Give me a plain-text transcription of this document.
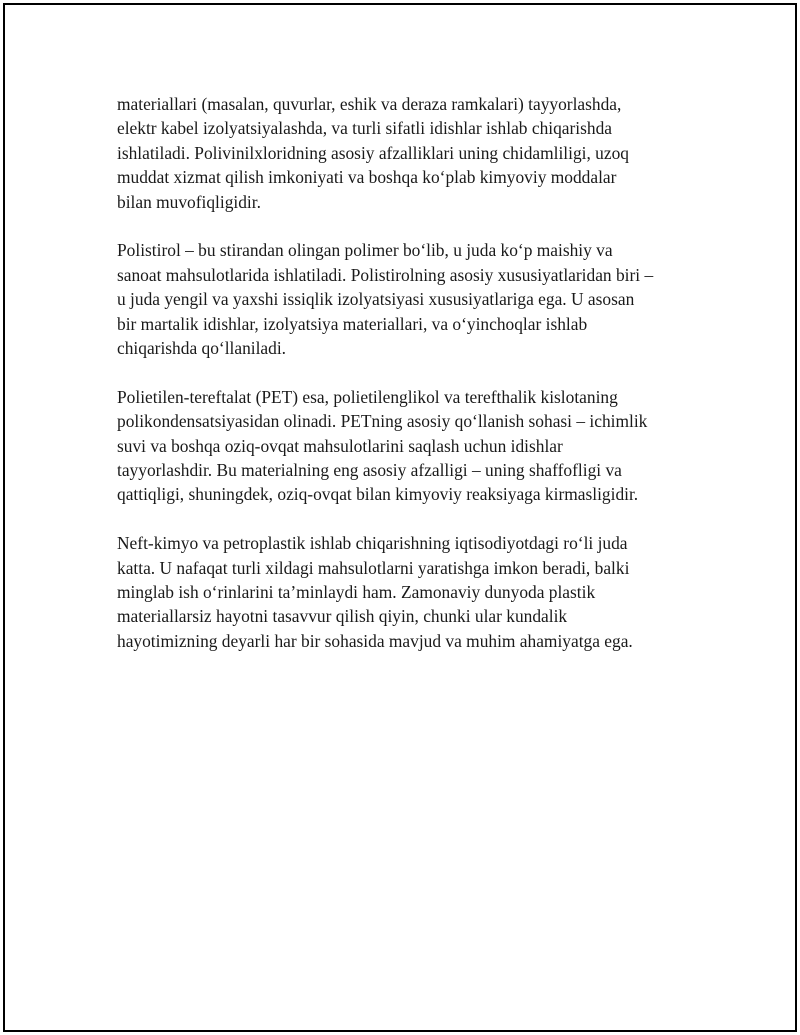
materiallari (masalan, quvurlar, eshik va deraza ramkalari) tayyorlashda,
elektr kabel izolyatsiyalashda, va turli sifatli idishlar ishlab chiqarishda
ishlatiladi. Polivinilxloridning asosiy afzalliklari uning chidamliligi, uzoq
muddat xizmat qilish imkoniyati va boshqa ko‘plab kimyoviy moddalar
bilan muvofiqligidir.

Polistirol – bu stirandan olingan polimer bo‘lib, u juda ko‘p maishiy va
sanoat mahsulotlarida ishlatiladi. Polistirolning asosiy xususiyatlaridan biri –
u juda yengil va yaxshi issiqlik izolyatsiyasi xususiyatlariga ega. U asosan
bir martalik idishlar, izolyatsiya materiallari, va o‘yinchoqlar ishlab
chiqarishda qo‘llaniladi.

Polietilen-tereftalat (PET) esa, polietilenglikol va terefthalik kislotaning
polikondensatsiyasidan olinadi. PETning asosiy qo‘llanish sohasi – ichimlik
suvi va boshqa oziq-ovqat mahsulotlarini saqlash uchun idishlar
tayyorlashdir. Bu materialning eng asosiy afzalligi – uning shaffofligi va
qattiqligi, shuningdek, oziq-ovqat bilan kimyoviy reaksiyaga kirmasligidir.

Neft-kimyo va petroplastik ishlab chiqarishning iqtisodiyotdagi ro‘li juda
katta. U nafaqat turli xildagi mahsulotlarni yaratishga imkon beradi, balki
minglab ish o‘rinlarini ta’minlaydi ham. Zamonaviy dunyoda plastik
materiallarsiz hayotni tasavvur qilish qiyin, chunki ular kundalik
hayotimizning deyarli har bir sohasida mavjud va muhim ahamiyatga ega.
